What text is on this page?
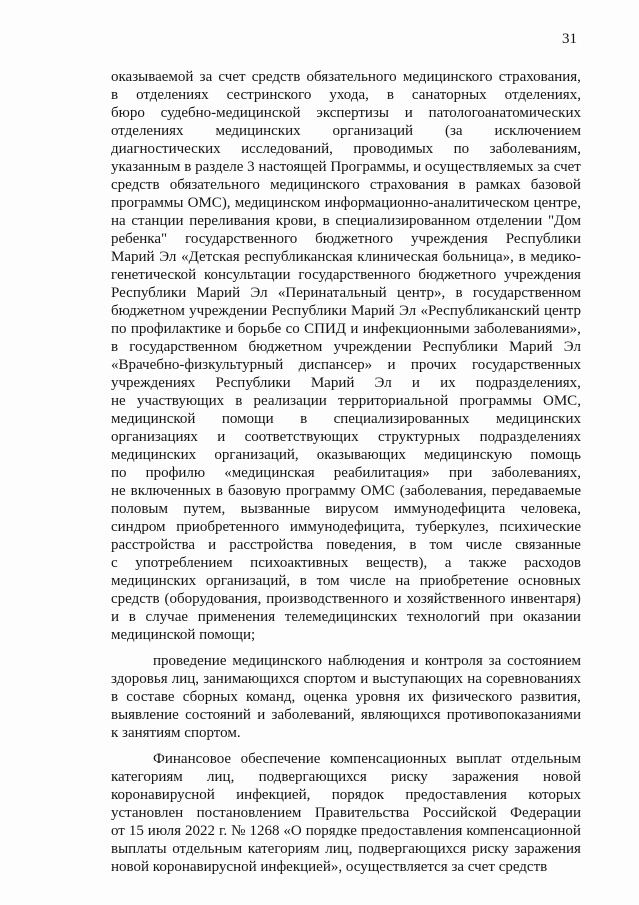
31
оказываемой за счет средств обязательного медицинского страхования,
в отделениях сестринского ухода, в санаторных отделениях,
бюро судебно-медицинской экспертизы и патологоанатомических
отделениях медицинских организаций (за исключением
диагностических исследований, проводимых по заболеваниям,
указанным в разделе 3 настоящей Программы, и осуществляемых за счет
средств обязательного медицинского страхования в рамках базовой
программы ОМС), медицинском информационно-аналитическом центре,
на станции переливания крови, в специализированном отделении "Дом
ребенка" государственного бюджетного учреждения Республики
Марий Эл «Детская республиканская клиническая больница», в медико-
генетической консультации государственного бюджетного учреждения
Республики Марий Эл «Перинатальный центр», в государственном
бюджетном учреждении Республики Марий Эл «Республиканский центр
по профилактике и борьбе со СПИД и инфекционными заболеваниями»,
в государственном бюджетном учреждении Республики Марий Эл
«Врачебно-физкультурный диспансер» и прочих государственных
учреждениях Республики Марий Эл и их подразделениях,
не участвующих в реализации территориальной программы ОМС,
медицинской помощи в специализированных медицинских
организациях и соответствующих структурных подразделениях
медицинских организаций, оказывающих медицинскую помощь
по профилю «медицинская реабилитация» при заболеваниях,
не включенных в базовую программу ОМС (заболевания, передаваемые
половым путем, вызванные вирусом иммунодефицита человека,
синдром приобретенного иммунодефицита, туберкулез, психические
расстройства и расстройства поведения, в том числе связанные
с употреблением психоактивных веществ), а также расходов
медицинских организаций, в том числе на приобретение основных
средств (оборудования, производственного и хозяйственного инвентаря)
и в случае применения телемедицинских технологий при оказании
медицинской помощи;
проведение медицинского наблюдения и контроля за состоянием
здоровья лиц, занимающихся спортом и выступающих на соревнованиях
в составе сборных команд, оценка уровня их физического развития,
выявление состояний и заболеваний, являющихся противопоказаниями
к занятиям спортом.
Финансовое обеспечение компенсационных выплат отдельным
категориям лиц, подвергающихся риску заражения новой
коронавирусной инфекцией, порядок предоставления которых
установлен постановлением Правительства Российской Федерации
от 15 июля 2022 г. № 1268 «О порядке предоставления компенсационной
выплаты отдельным категориям лиц, подвергающихся риску заражения
новой коронавирусной инфекцией», осуществляется за счет средств
